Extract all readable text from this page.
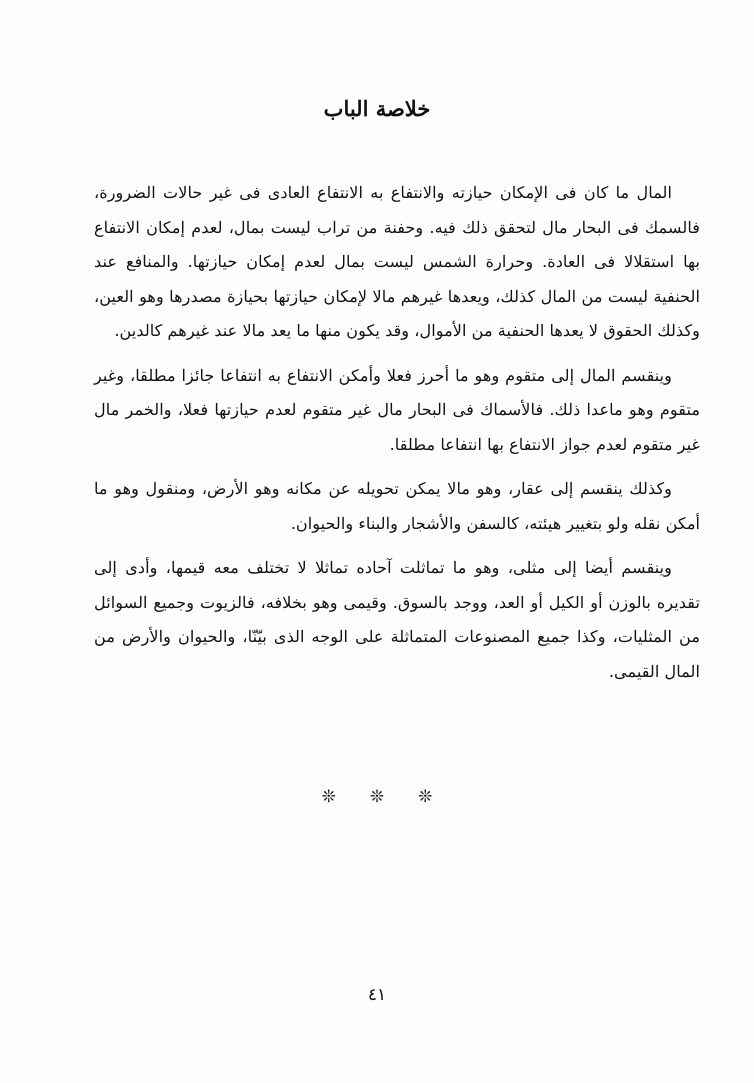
خلاصة الباب

المال ما كان فى الإمكان حيازته والانتفاع به الانتفاع العادى فى غير حالات الضرورة، فالسمك فى البحار مال لتحقق ذلك فيه. وحفنة من تراب ليست بمال، لعدم إمكان الانتفاع بها استقلالا فى العادة. وحرارة الشمس ليست بمال لعدم إمكان حيازتها. والمنافع عند الحنفية ليست من المال كذلك، ويعدها غيرهم مالا لإمكان حيازتها بحيازة مصدرها وهو العين، وكذلك الحقوق لا يعدها الحنفية من الأموال، وقد يكون منها ما يعد مالا عند غيرهم كالدين.

وينقسم المال إلى متقوم وهو ما أحرز فعلا وأمكن الانتفاع به انتفاعا جائزا مطلقا، وغير متقوم وهو ماعدا ذلك. فالأسماك فى البحار مال غير متقوم لعدم حيازتها فعلا، والخمر مال غير متقوم لعدم جواز الانتفاع بها انتفاعا مطلقا.

وكذلك ينقسم إلى عقار، وهو مالا يمكن تحويله عن مكانه وهو الأرض، ومنقول وهو ما أمكن نقله ولو بتغيير هيئته، كالسفن والأشجار والبناء والحيوان.

وينقسم أيضا إلى مثلى، وهو ما تماثلت آحاده تماثلا لا تختلف معه قيمها، وأدى إلى تقديره بالوزن أو الكيل أو العد، ووجد بالسوق. وقيمى وهو بخلافه، فالزيوت وجميع السوائل من المثليات، وكذا جميع المصنوعات المتماثلة على الوجه الذى بيّنّا، والحيوان والأرض من المال القيمى.

❊ ❊ ❊
٤١
